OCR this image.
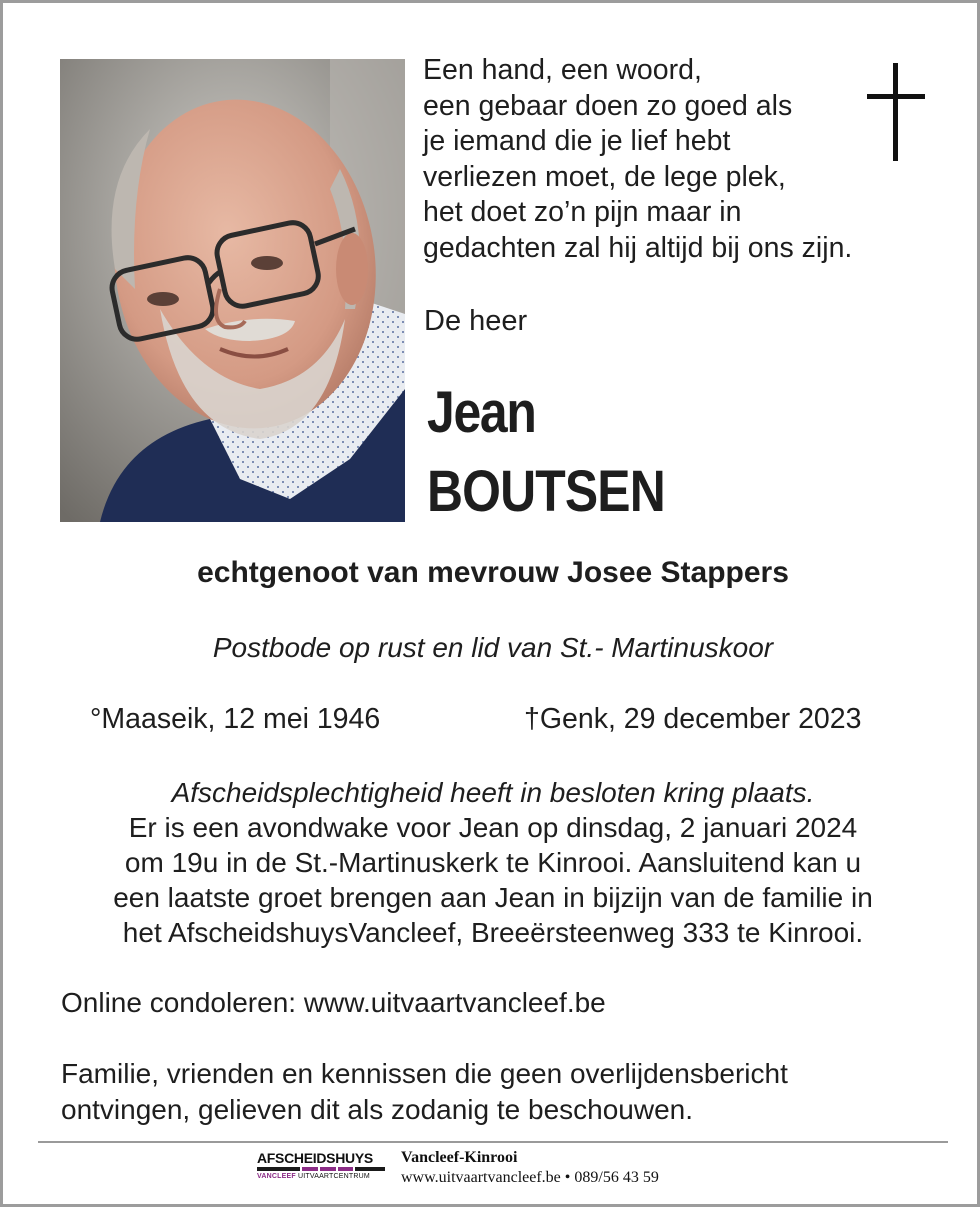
Een hand, een woord,
een gebaar doen zo goed als
je iemand die je lief hebt
verliezen moet, de lege plek,
het doet zo’n pijn maar in
gedachten zal hij altijd bij ons zijn.
De heer
Jean
BOUTSEN
echtgenoot van mevrouw Josee Stappers
Postbode op rust en lid van St.- Martinuskoor
°Maaseik, 12 mei 1946	†Genk, 29 december 2023
Afscheidsplechtigheid heeft in besloten kring plaats.
Er is een avondwake voor Jean op dinsdag, 2 januari 2024
om 19u in de St.-Martinuskerk te Kinrooi. Aansluitend kan u
een laatste groet brengen aan Jean in bijzijn van de familie in
het AfscheidshuysVancleef, Breeërsteenweg 333 te Kinrooi.
Online condoleren: www.uitvaartvancleef.be
Familie, vrienden en kennissen die geen overlijdensbericht
ontvingen, gelieven dit als zodanig te beschouwen.
AFSCHEIDSHUYS
VANCLEEF UITVAARTCENTRUM
Vancleef-Kinrooi
www.uitvaartvancleef.be • 089/56 43 59
